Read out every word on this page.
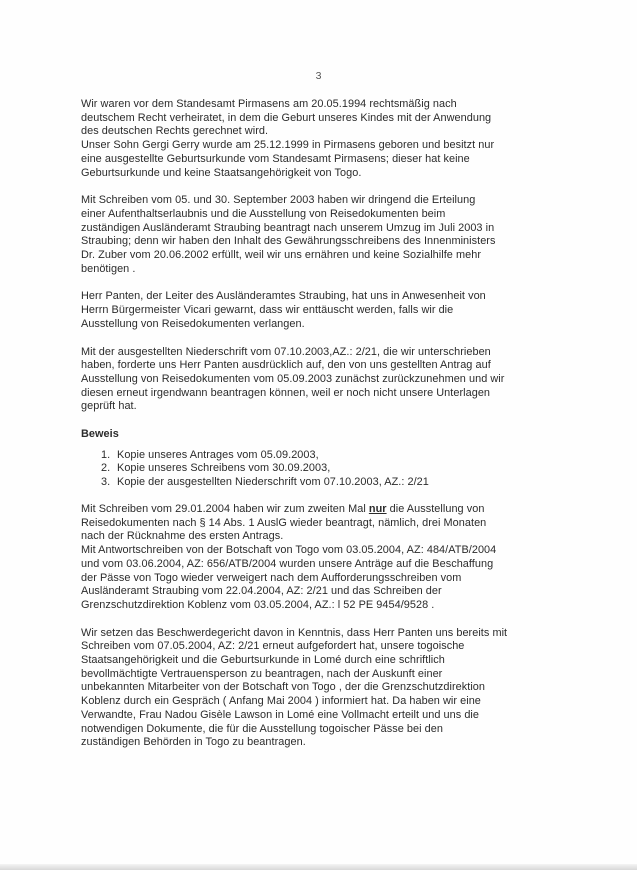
3

Wir waren vor dem Standesamt Pirmasens am 20.05.1994 rechtsmäßig nach

deutschem Recht verheiratet, in dem die Geburt unseres Kindes mit der Anwendung

des deutschen Rechts gerechnet wird.

Unser Sohn Gergi Gerry wurde am 25.12.1999 in Pirmasens geboren und besitzt nur

eine ausgestellte Geburtsurkunde vom Standesamt Pirmasens; dieser hat keine

Geburtsurkunde und keine Staatsangehörigkeit von Togo.

Mit Schreiben vom 05. und 30. September 2003 haben wir dringend die Erteilung

einer Aufenthaltserlaubnis und die Ausstellung von Reisedokumenten beim

zuständigen Ausländeramt Straubing beantragt nach unserem Umzug im Juli 2003 in

Straubing; denn wir haben den Inhalt des Gewährungsschreibens des Innenministers

Dr. Zuber vom 20.06.2002 erfüllt, weil wir uns ernähren und keine Sozialhilfe mehr

benötigen .

Herr Panten, der Leiter des Ausländeramtes Straubing, hat uns in Anwesenheit von

Herrn Bürgermeister Vicari gewarnt, dass wir enttäuscht werden, falls wir die

Ausstellung von Reisedokumenten verlangen.

Mit der ausgestellten Niederschrift vom 07.10.2003,AZ.: 2/21, die wir unterschrieben

haben, forderte uns Herr Panten ausdrücklich auf, den von uns gestellten Antrag auf

Ausstellung von Reisedokumenten vom 05.09.2003 zunächst zurückzunehmen und wir

diesen erneut irgendwann beantragen können, weil er noch nicht unsere Unterlagen

geprüft hat.

Beweis

1. Kopie unseres Antrages vom 05.09.2003,
2. Kopie unseres Schreibens vom 30.09.2003,
3. Kopie der ausgestellten Niederschrift vom 07.10.2003, AZ.: 2/21

Mit Schreiben vom 29.01.2004 haben wir zum zweiten Mal nur die Ausstellung von

Reisedokumenten nach § 14 Abs. 1 AuslG wieder beantragt, nämlich, drei Monaten

nach der Rücknahme des ersten Antrags.

Mit Antwortschreiben von der Botschaft von Togo vom 03.05.2004, AZ: 484/ATB/2004

und vom 03.06.2004, AZ: 656/ATB/2004 wurden unsere Anträge auf die Beschaffung

der Pässe von Togo wieder verweigert nach dem Aufforderungsschreiben vom

Ausländeramt Straubing vom 22.04.2004, AZ: 2/21 und das Schreiben der

Grenzschutzdirektion Koblenz vom 03.05.2004, AZ.: l 52 PE 9454/9528 .

Wir setzen das Beschwerdegericht davon in Kenntnis, dass Herr Panten uns bereits mit

Schreiben vom 07.05.2004, AZ: 2/21 erneut aufgefordert hat, unsere togoische

Staatsangehörigkeit und die Geburtsurkunde in Lomé durch eine schriftlich

bevollmächtigte Vertrauensperson zu beantragen, nach der Auskunft einer

unbekannten Mitarbeiter von der Botschaft von Togo , der die Grenzschutzdirektion

Koblenz durch ein Gespräch ( Anfang Mai 2004 ) informiert hat. Da haben wir eine

Verwandte, Frau Nadou Gisèle Lawson in Lomé eine Vollmacht erteilt und uns die

notwendigen Dokumente, die für die Ausstellung togoischer Pässe bei den

zuständigen Behörden in Togo zu beantragen.
